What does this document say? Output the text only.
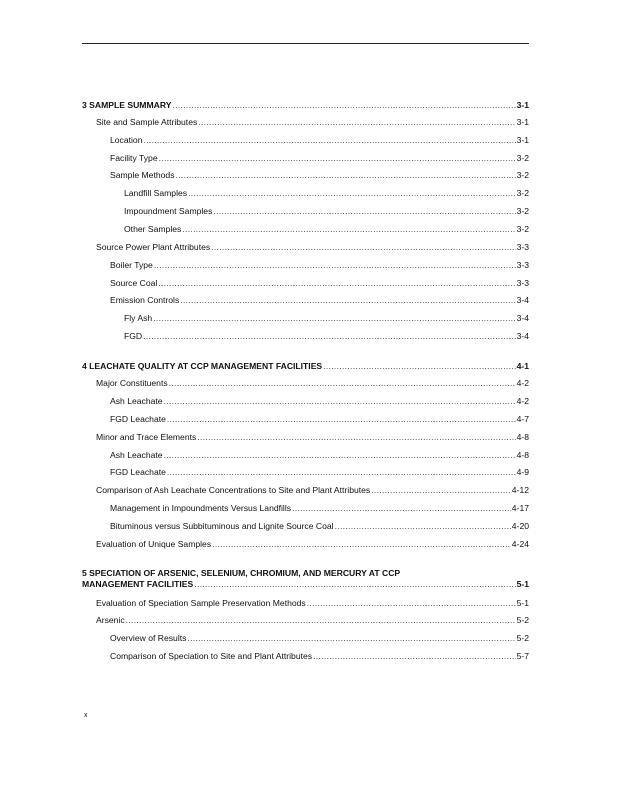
3 SAMPLE SUMMARY .....	3-1
Site and Sample Attributes .....	3-1
Location .....	3-1
Facility Type .....	3-2
Sample Methods .....	3-2
Landfill Samples .....	3-2
Impoundment Samples .....	3-2
Other Samples .....	3-2
Source Power Plant Attributes .....	3-3
Boiler Type .....	3-3
Source Coal .....	3-3
Emission Controls .....	3-4
Fly Ash .....	3-4
FGD .....	3-4
4 LEACHATE QUALITY AT CCP MANAGEMENT FACILITIES .....	4-1
Major Constituents .....	4-2
Ash Leachate .....	4-2
FGD Leachate .....	4-7
Minor and Trace Elements .....	4-8
Ash Leachate .....	4-8
FGD Leachate .....	4-9
Comparison of Ash Leachate Concentrations to Site and Plant Attributes .....	4-12
Management in Impoundments Versus Landfills .....	4-17
Bituminous versus Subbituminous and Lignite Source Coal .....	4-20
Evaluation of Unique Samples .....	4-24
5 SPECIATION OF ARSENIC, SELENIUM, CHROMIUM, AND MERCURY AT CCP
MANAGEMENT FACILITIES .....	5-1
Evaluation of Speciation Sample Preservation Methods .....	5-1
Arsenic .....	5-2
Overview of Results .....	5-2
Comparison of Speciation to Site and Plant Attributes .....	5-7
x
